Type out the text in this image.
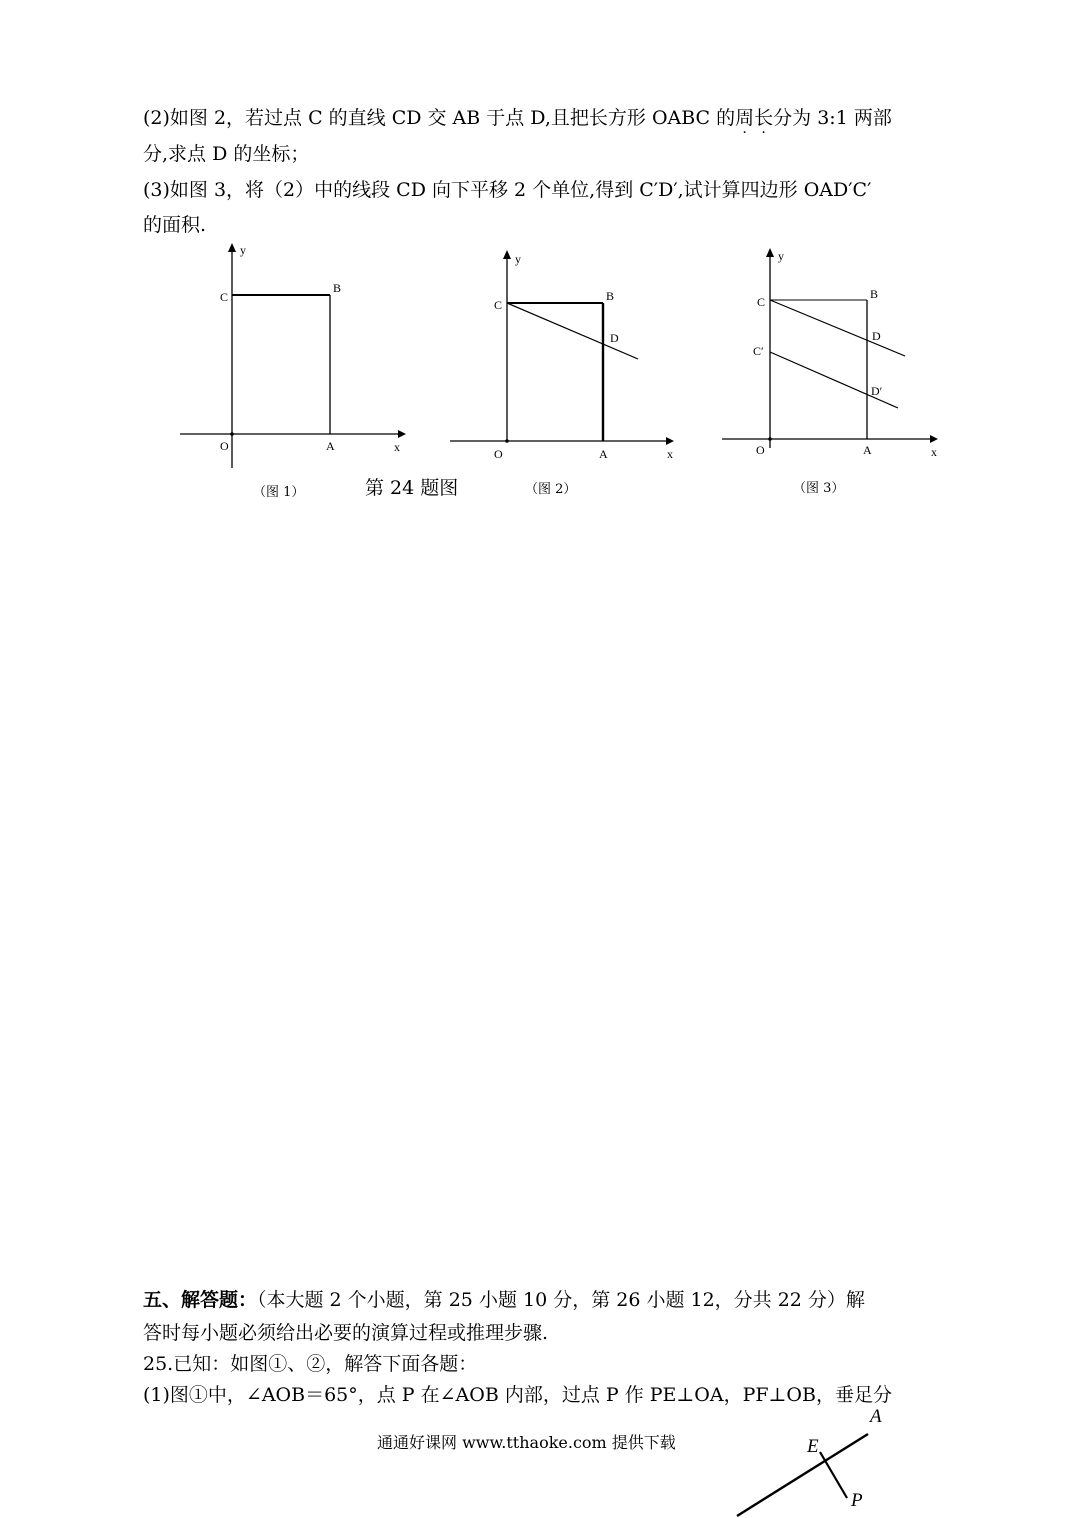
(2)如图 2，若过点 C 的直线 CD 交 AB 于点 D,且把长方形 OABC 的周长分为 3:1 两部
分,求点 D 的坐标；
(3)如图 3，将（2）中的线段 CD 向下平移 2 个单位,得到 C′D′,试计算四边形 OAD′C′
的面积.
y
x
O	A
B
C
（图 1）	第 24 题图
y
x
O	A
B
C
D
（图 2）
y
x
O	A
B
C
D
C′
D′
（图 3）
五、解答题：（本大题 2 个小题，第 25 小题 10 分，第 26 小题 12，分共 22 分）解
答时每小题必须给出必要的演算过程或推理步骤.
25.已知：如图①、②，解答下面各题：
(1)图①中，∠AOB＝65°，点 P 在∠AOB 内部，过点 P 作 PE⊥OA，PF⊥OB，垂足分
通通好课网 www.tthaoke.com 提供下载
A
E
P
